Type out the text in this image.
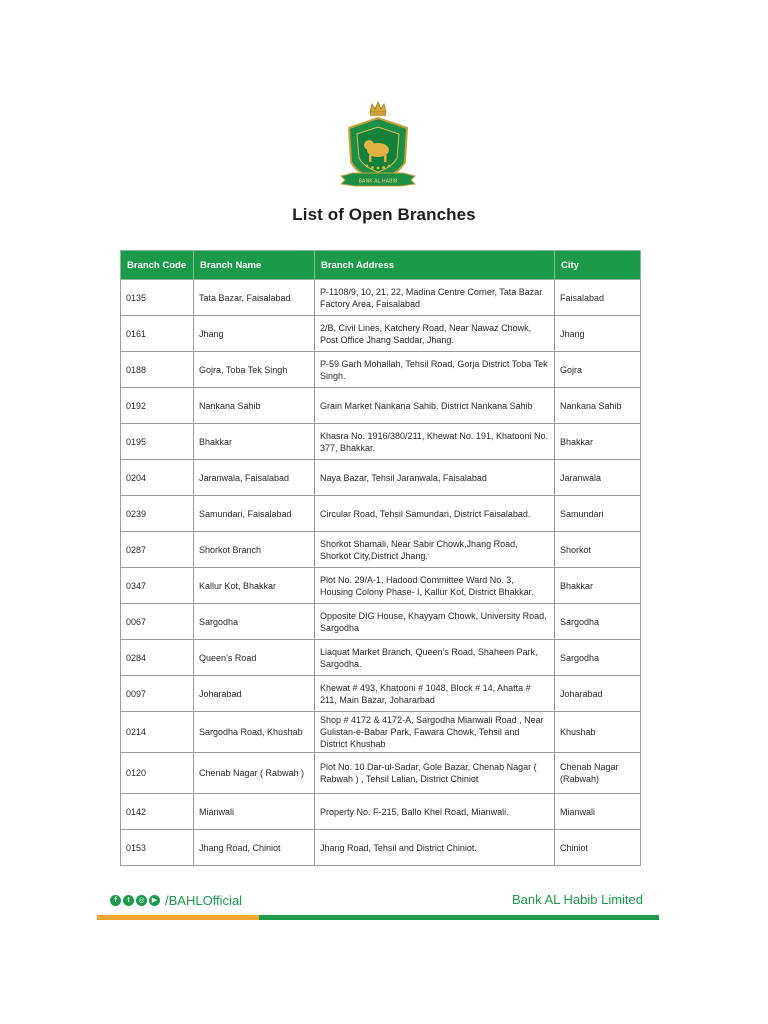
BANK AL HABIB
List of Open Branches
Branch Code	Branch Name	Branch Address	City
0135	Tata Bazar, Faisalabad	P-1108/9, 10, 21, 22, Madina Centre Corner, Tata Bazar Factory Area, Faisalabad	Faisalabad
0161	Jhang	2/B, Civil Lines, Katchery Road, Near Nawaz Chowk, Post Office Jhang Saddar, Jhang.	Jhang
0188	Gojra, Toba Tek Singh	P-59 Garh Mohallah, Tehsil Road, Gorja District Toba Tek Singh.	Gojra
0192	Nankana Sahib	Grain Market Nankana Sahib. District Nankana Sahib	Nankana Sahib
0195	Bhakkar	Khasra No. 1916/380/211, Khewat No. 191, Khatooni No. 377, Bhakkar.	Bhakkar
0204	Jaranwala, Faisalabad	Naya Bazar, Tehsil Jaranwala, Faisalabad	Jaranwala
0239	Samundari, Faisalabad	Circular Road, Tehsil Samundari, District Faisalabad.	Samundari
0287	Shorkot Branch	Shorkot Shamali, Near Sabir Chowk,Jhang Road, Shorkot City,District Jhang.	Shorkot
0347	Kallur Kot, Bhakkar	Plot No. 29/A-1, Hadood Committee Ward No. 3, Housing Colony Phase- I, Kallur Kot, District Bhakkar.	Bhakkar
0067	Sargodha	Opposite DIG House, Khayyam Chowk, University Road, Sargodha	Sargodha
0284	Queen’s Road	Liaquat Market Branch, Queen’s Road, Shaheen Park, Sargodha.	Sargodha
0097	Joharabad	Khewat # 493, Khatooni # 1048, Block # 14, Ahatta # 211, Main Bazar, Johararbad	Joharabad
0214	Sargodha Road, Khushab	Shop # 4172 & 4172-A, Sargodha Mianwali Road , Near Gulistan-e-Babar Park, Fawara Chowk, Tehsil and District Khushab	Khushab
0120	Chenab Nagar ( Rabwah )	Plot No. 10 Dar-ul-Sadar, Gole Bazar, Chenab Nagar ( Rabwah ) , Tehsil Lalian, District Chiniot	Chenab Nagar (Rabwah)
0142	Mianwali	Property No. F-215, Ballo Khel Road, Mianwali.	Mianwali
0153	Jhang Road, Chiniot	Jhang Road, Tehsil and District Chiniot.	Chiniot
f	t	◎	▶ /BAHLOfficial	Bank AL Habib Limited
